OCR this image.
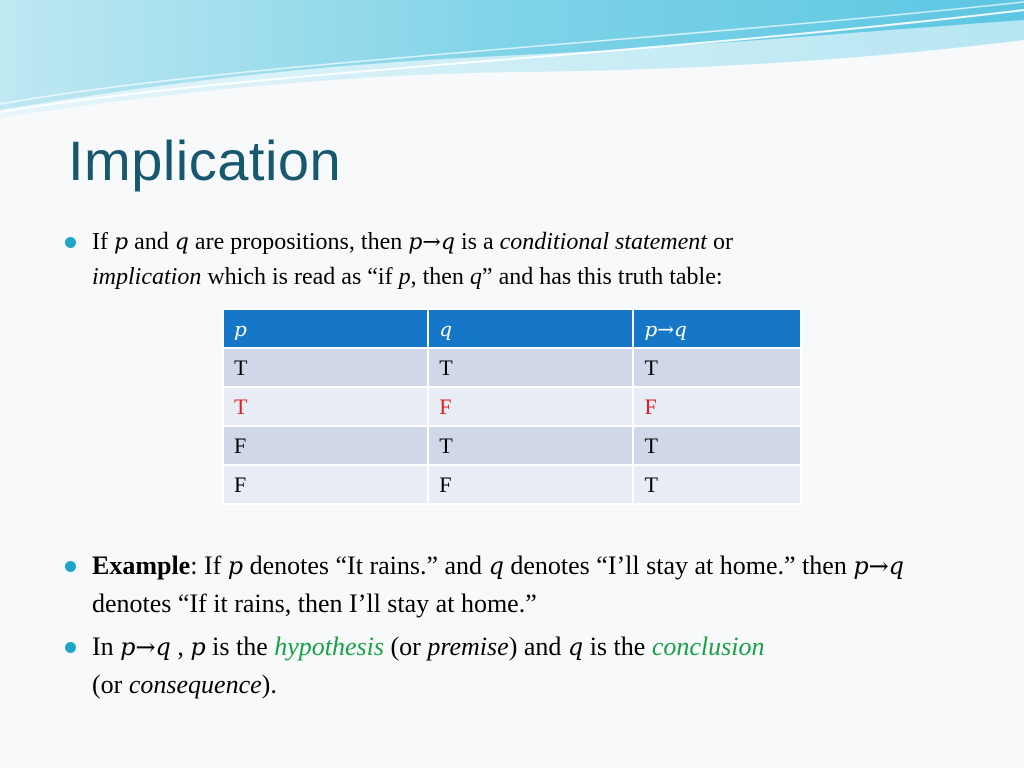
Implication
If p and q are propositions, then p→q is a conditional statement or
implication which is read as “if p, then q” and has this truth table:
p	q	p→q
T	T	T
T	F	F
F	T	T
F	F	T
Example: If p denotes “It rains.” and q denotes “I’ll stay at home.” then p→q denotes “If it rains, then I’ll stay at home.”
In p→q , p is the hypothesis (or premise) and q is the conclusion
(or consequence).
